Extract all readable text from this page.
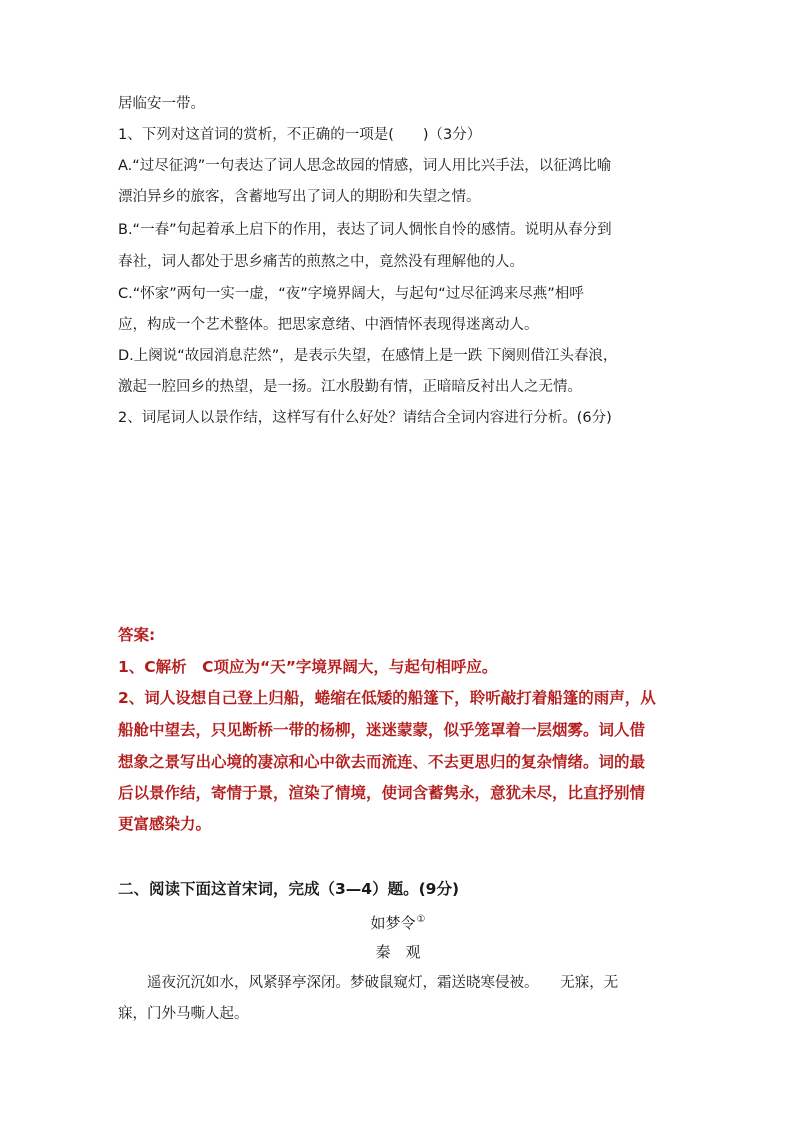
居临安一带。
1、下列对这首词的赏析，不正确的一项是(　　)（3分）
A.“过尽征鸿”一句表达了词人思念故园的情感，词人用比兴手法，以征鸿比喻
漂泊异乡的旅客，含蓄地写出了词人的期盼和失望之情。
B.“一春”句起着承上启下的作用，表达了词人惆怅自怜的感情。说明从春分到
春社，词人都处于思乡痛苦的煎熬之中，竟然没有理解他的人。
C.“怀家”两句一实一虚，“夜”字境界阔大，与起句“过尽征鸿来尽燕”相呼
应，构成一个艺术整体。把思家意绪、中酒情怀表现得迷离动人。
D.上阕说“故园消息茫然”，是表示失望，在感情上是一跌 下阕则借江头春浪，
激起一腔回乡的热望，是一扬。江水殷勤有情，正暗暗反衬出人之无情。
2、词尾词人以景作结，这样写有什么好处？请结合全词内容进行分析。(6分)
答案:
1、C解析　C项应为“天”字境界阔大，与起句相呼应。
2、词人设想自己登上归船，蜷缩在低矮的船篷下，聆听敲打着船篷的雨声，从
船舱中望去，只见断桥一带的杨柳，迷迷蒙蒙，似乎笼罩着一层烟雾。词人借
想象之景写出心境的凄凉和心中欲去而流连、不去更思归的复杂情绪。词的最
后以景作结，寄情于景，渲染了情境，使词含蓄隽永，意犹未尽，比直抒别情
更富感染力。
二、阅读下面这首宋词，完成（3—4）题。(9分)
如梦令①
秦　观
　　遥夜沉沉如水，风紧驿亭深闭。梦破鼠窥灯，霜送晓寒侵被。　　无寐，无
寐，门外马嘶人起。
